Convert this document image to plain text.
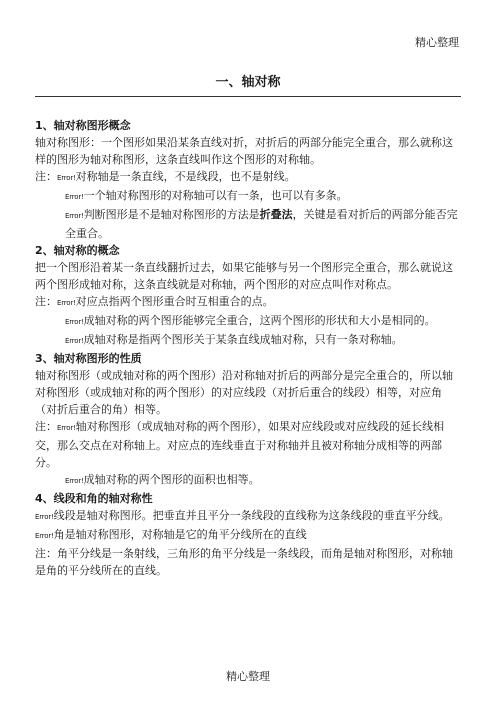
精心整理
一、轴对称

1、轴对称图形概念

轴对称图形：一个图形如果沿某条直线对折，对折后的两部分能完全重合，那么就称这样的图形为轴对称图形，这条直线叫作这个图形的对称轴。

注：Error!对称轴是一条直线，不是线段，也不是射线。

Error!一个轴对称图形的对称轴可以有一条，也可以有多条。

Error!判断图形是不是轴对称图形的方法是折叠法，关键是看对折后的两部分能否完全重合。

2、轴对称的概念

把一个图形沿着某一条直线翻折过去，如果它能够与另一个图形完全重合，那么就说这两个图形成轴对称，这条直线就是对称轴，两个图形的对应点叫作对称点。

注：Error!对应点指两个图形重合时互相重合的点。

Error!成轴对称的两个图形能够完全重合，这两个图形的形状和大小是相同的。

Error!成轴对称是指两个图形关于某条直线成轴对称，只有一条对称轴。

3、轴对称图形的性质

轴对称图形（或成轴对称的两个图形）沿对称轴对折后的两部分是完全重合的，所以轴对称图形（或成轴对称的两个图形）的对应线段（对折后重合的线段）相等，对应角（对折后重合的角）相等。

注：Error!轴对称图形（或成轴对称的两个图形），如果对应线段或对应线段的延长线相交，那么交点在对称轴上。对应点的连线垂直于对称轴并且被对称轴分成相等的两部分。

Error!成轴对称的两个图形的面积也相等。

4、线段和角的轴对称性

Error!线段是轴对称图形。把垂直并且平分一条线段的直线称为这条线段的垂直平分线。

Error!角是轴对称图形，对称轴是它的角平分线所在的直线

注：角平分线是一条射线，三角形的角平分线是一条线段，而角是轴对称图形，对称轴是角的平分线所在的直线。

精心整理
